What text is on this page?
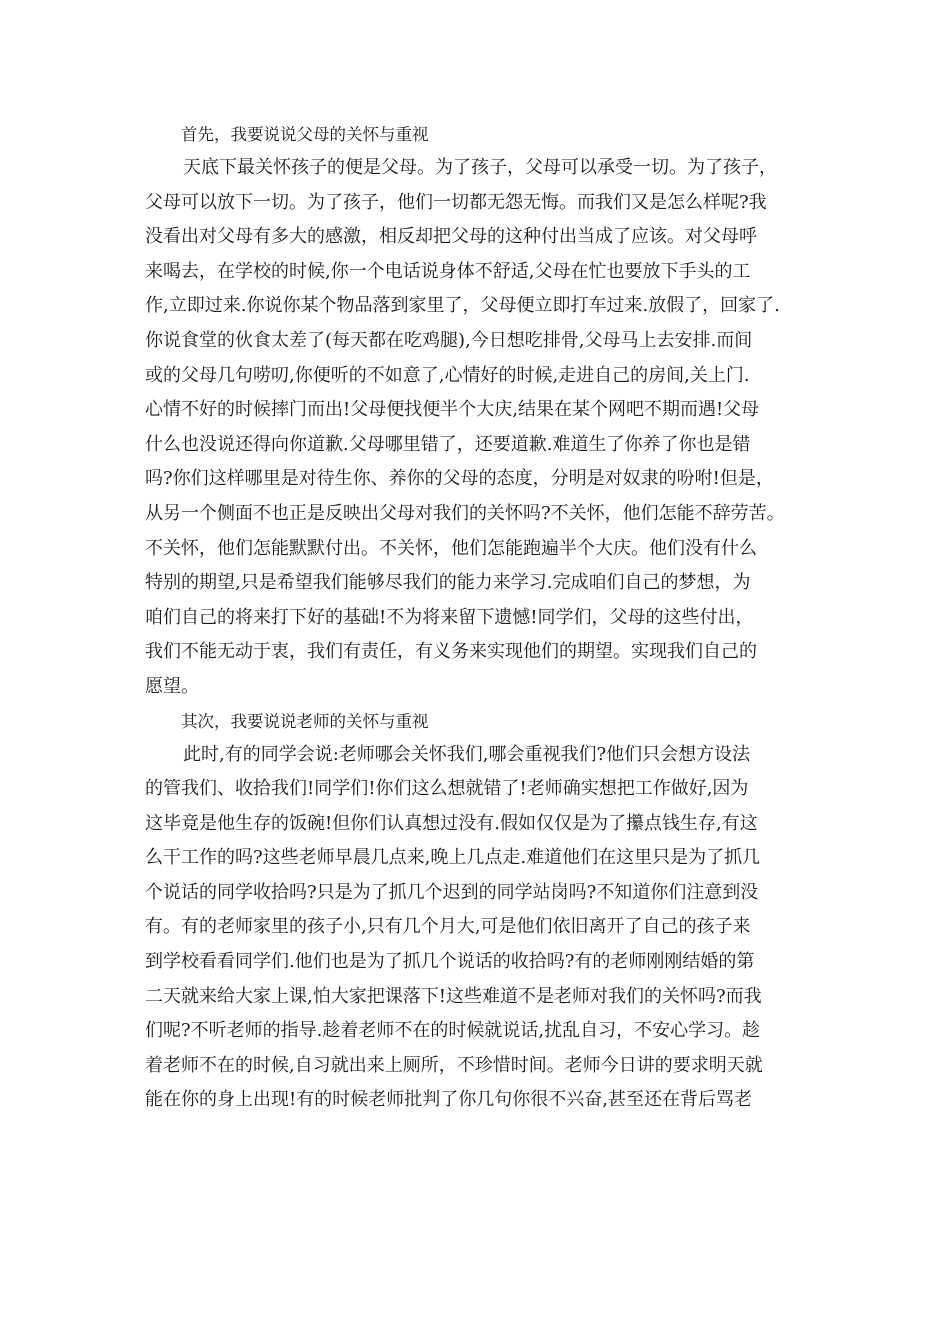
首先，我要说说父母的关怀与重视

天底下最关怀孩子的便是父母。为了孩子，父母可以承受一切。为了孩子，
父母可以放下一切。为了孩子，他们一切都无怨无悔。而我们又是怎么样呢?我
没看出对父母有多大的感激，相反却把父母的这种付出当成了应该。对父母呼
来喝去，在学校的时候,你一个电话说身体不舒适,父母在忙也要放下手头的工
作,立即过来.你说你某个物品落到家里了，父母便立即打车过来.放假了，回家了.
你说食堂的伙食太差了(每天都在吃鸡腿),今日想吃排骨,父母马上去安排.而间
或的父母几句唠叨,你便听的不如意了,心情好的时候,走进自己的房间,关上门.
心情不好的时候摔门而出!父母便找便半个大庆,结果在某个网吧不期而遇!父母
什么也没说还得向你道歉.父母哪里错了，还要道歉.难道生了你养了你也是错
吗?你们这样哪里是对待生你、养你的父母的态度，分明是对奴隶的吩咐!但是，
从另一个侧面不也正是反映出父母对我们的关怀吗?不关怀，他们怎能不辞劳苦。
不关怀，他们怎能默默付出。不关怀，他们怎能跑遍半个大庆。他们没有什么
特别的期望,只是希望我们能够尽我们的能力来学习.完成咱们自己的梦想，为
咱们自己的将来打下好的基础!不为将来留下遗憾!同学们，父母的这些付出，
我们不能无动于衷，我们有责任，有义务来实现他们的期望。实现我们自己的
愿望。

其次，我要说说老师的关怀与重视

此时,有的同学会说:老师哪会关怀我们,哪会重视我们?他们只会想方设法
的管我们、收拾我们!同学们!你们这么想就错了!老师确实想把工作做好,因为
这毕竟是他生存的饭碗!但你们认真想过没有.假如仅仅是为了攥点钱生存,有这
么干工作的吗?这些老师早晨几点来,晚上几点走.难道他们在这里只是为了抓几
个说话的同学收拾吗?只是为了抓几个迟到的同学站岗吗?不知道你们注意到没
有。有的老师家里的孩子小,只有几个月大,可是他们依旧离开了自己的孩子来
到学校看看同学们.他们也是为了抓几个说话的收拾吗?有的老师刚刚结婚的第
二天就来给大家上课,怕大家把课落下!这些难道不是老师对我们的关怀吗?而我
们呢?不听老师的指导.趁着老师不在的时候就说话,扰乱自习，不安心学习。趁
着老师不在的时候,自习就出来上厕所，不珍惜时间。老师今日讲的要求明天就
能在你的身上出现!有的时候老师批判了你几句你很不兴奋,甚至还在背后骂老
